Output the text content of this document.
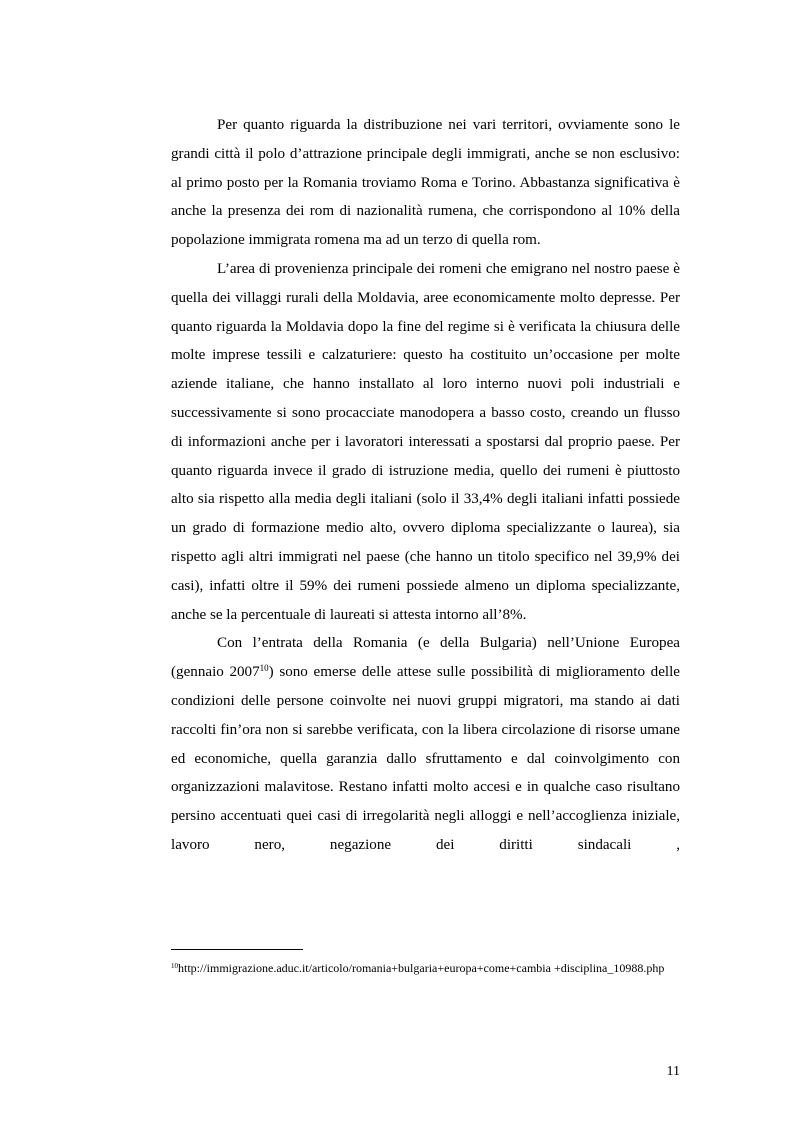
Per quanto riguarda la distribuzione nei vari territori, ovviamente sono le grandi città il polo d’attrazione principale degli immigrati, anche se non esclusivo: al primo posto per la Romania troviamo Roma e Torino. Abbastanza significativa è anche la presenza dei rom di nazionalità rumena, che corrispondono al 10% della popolazione immigrata romena ma ad un terzo di quella rom.

L’area di provenienza principale dei romeni che emigrano nel nostro paese è quella dei villaggi rurali della Moldavia, aree economicamente molto depresse. Per quanto riguarda la Moldavia dopo la fine del regime si è verificata la chiusura delle molte imprese tessili e calzaturiere: questo ha costituito un’occasione per molte aziende italiane, che hanno installato al loro interno nuovi poli industriali e successivamente si sono procacciate manodopera a basso costo, creando un flusso di informazioni anche per i lavoratori interessati a spostarsi dal proprio paese. Per quanto riguarda invece il grado di istruzione media, quello dei rumeni è piuttosto alto sia rispetto alla media degli italiani (solo il 33,4% degli italiani infatti possiede un grado di formazione medio alto, ovvero diploma specializzante o laurea), sia rispetto agli altri immigrati nel paese (che hanno un titolo specifico nel 39,9% dei casi), infatti oltre il 59% dei rumeni possiede almeno un diploma specializzante, anche se la percentuale di laureati si attesta intorno all’8%.

Con l’entrata della Romania (e della Bulgaria) nell’Unione Europea (gennaio 2007$^{10}$) sono emerse delle attese sulle possibilità di miglioramento delle condizioni delle persone coinvolte nei nuovi gruppi migratori, ma stando ai dati raccolti fin’ora non si sarebbe verificata, con la libera circolazione di risorse umane ed economiche, quella garanzia dallo sfruttamento e dal coinvolgimento con organizzazioni malavitose. Restano infatti molto accesi e in qualche caso risultano persino accentuati quei casi di irregolarità negli alloggi e nell’accoglienza iniziale, lavoro nero, negazione dei diritti sindacali ,

$^{10}$http://immigrazione.aduc.it/articolo/romania+bulgaria+europa+come+cambia +disciplina_10988.php

11
